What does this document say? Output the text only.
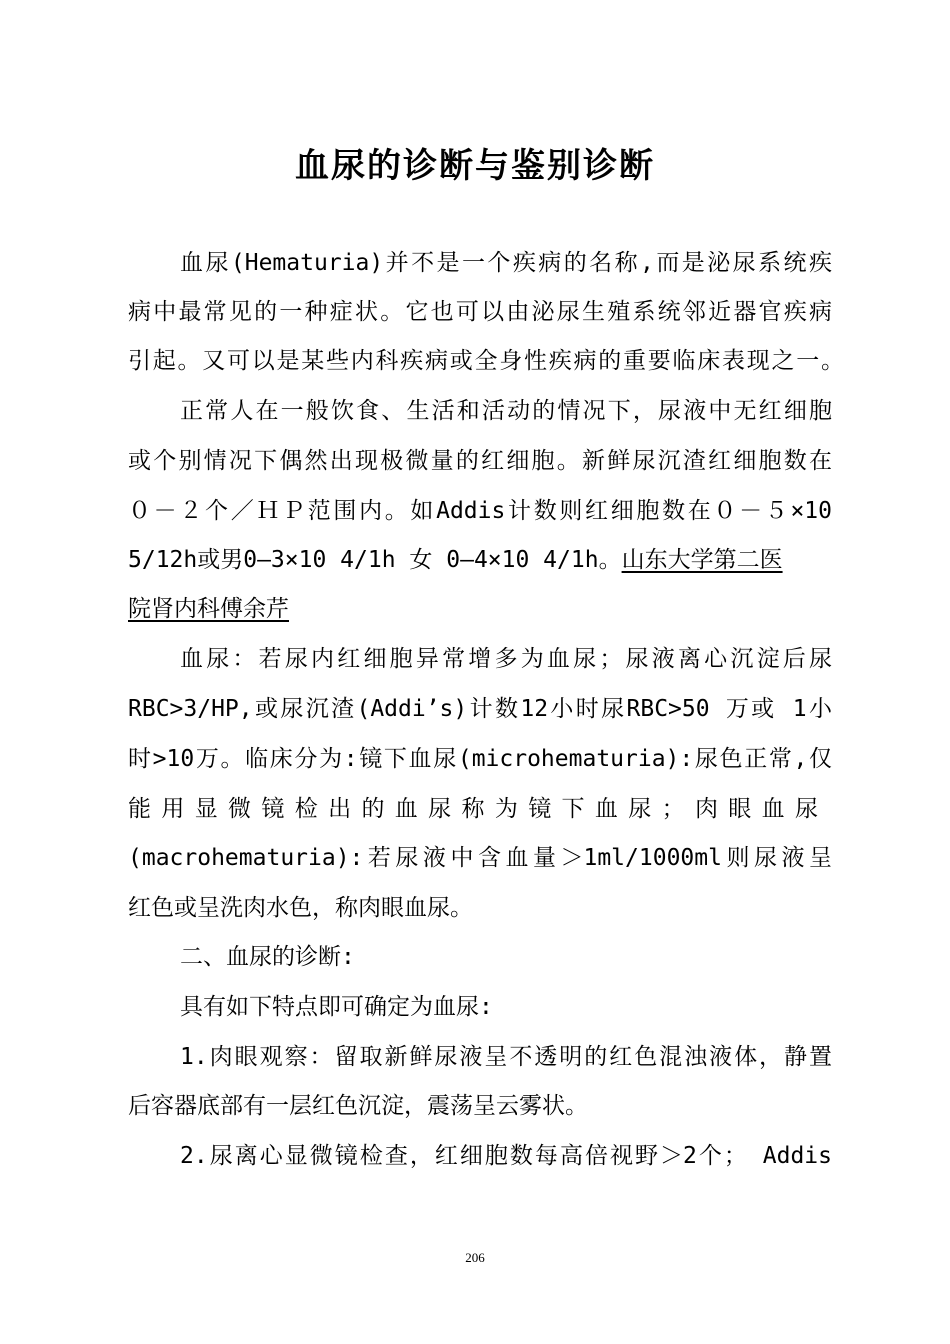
血尿的诊断与鉴别诊断
血尿(Hematuria)并不是一个疾病的名称,而是泌尿系统疾
病中最常见的一种症状。它也可以由泌尿生殖系统邻近器官疾病
引起。又可以是某些内科疾病或全身性疾病的重要临床表现之一。
正常人在一般饮食、生活和活动的情况下，尿液中无红细胞
或个别情况下偶然出现极微量的红细胞。新鲜尿沉渣红细胞数在
０－２个／ＨＰ范围内。如Addis计数则红细胞数在０－５×10
5/12h或男0—3×10 4/1h 女 0—4×10 4/1h。山东大学第二医
院肾内科傅余芹
血尿：若尿内红细胞异常增多为血尿；尿液离心沉淀后尿
RBC>3/HP,或尿沉渣(Addi’s)计数12小时尿RBC>50 万或 1小
时>10万。临床分为:镜下血尿(microhematuria):尿色正常,仅
能用显微镜检出的血尿称为镜下血尿；肉眼血尿
(macrohematuria):若尿液中含血量＞1ml/1000ml则尿液呈
红色或呈洗肉水色，称肉眼血尿。
二、血尿的诊断:
具有如下特点即可确定为血尿:
1.肉眼观察：留取新鲜尿液呈不透明的红色混浊液体，静置
后容器底部有一层红色沉淀，震荡呈云雾状。
2.尿离心显微镜检查，红细胞数每高倍视野＞2个； Addis
206
